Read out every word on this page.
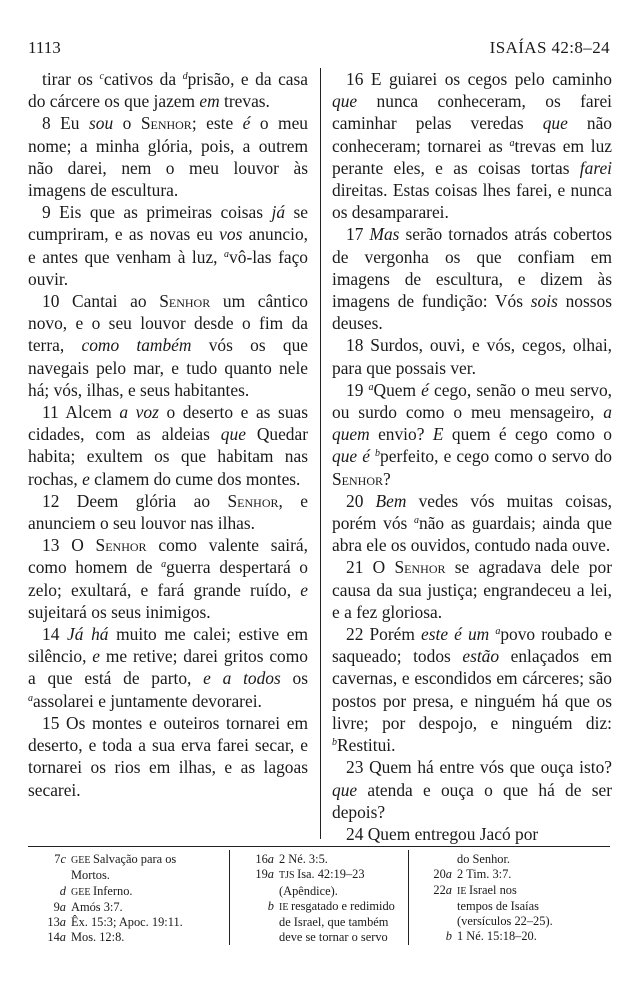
1113	ISAÍAS 42:8–24

tirar os $^c$cativos da $^d$prisão, e da casa do cárcere os que jazem em trevas.

8 Eu sou o Senhor; este é o meu nome; a minha glória, pois, a outrem não darei, nem o meu louvor às imagens de escultura.

9 Eis que as primeiras coisas já se cumpriram, e as novas eu vos anuncio, e antes que venham à luz, $^a$vô-las faço ouvir.

10 Cantai ao Senhor um cântico novo, e o seu louvor desde o fim da terra, como também vós os que navegais pelo mar, e tudo quanto nele há; vós, ilhas, e seus habitantes.

11 Alcem a voz o deserto e as suas cidades, com as aldeias que Quedar habita; exultem os que habitam nas rochas, e clamem do cume dos montes.

12 Deem glória ao Senhor, e anunciem o seu louvor nas ilhas.

13 O Senhor como valente sairá, como homem de $^a$guerra despertará o zelo; exultará, e fará grande ruído, e sujeitará os seus inimigos.

14 Já há muito me calei; estive em silêncio, e me retive; darei gritos como a que está de parto, e a todos os $^a$assolarei e juntamente devorarei.

15 Os montes e outeiros tornarei em deserto, e toda a sua erva farei secar, e tornarei os rios em ilhas, e as lagoas secarei.

16 E guiarei os cegos pelo caminho que nunca conheceram, os farei caminhar pelas veredas que não conheceram; tornarei as $^a$trevas em luz perante eles, e as coisas tortas farei direitas. Estas coisas lhes farei, e nunca os desampararei.

17 Mas serão tornados atrás cobertos de vergonha os que confiam em imagens de escultura, e dizem às imagens de fundição: Vós sois nossos deuses.

18 Surdos, ouvi, e vós, cegos, olhai, para que possais ver.

19 $^a$Quem é cego, senão o meu servo, ou surdo como o meu mensageiro, a quem envio? E quem é cego como o que é $^b$perfeito, e cego como o servo do Senhor?

20 Bem vedes vós muitas coisas, porém vós $^a$não as guardais; ainda que abra ele os ouvidos, contudo nada ouve.

21 O Senhor se agradava dele por causa da sua justiça; engrandeceu a lei, e a fez gloriosa.

22 Porém este é um $^a$povo roubado e saqueado; todos estão enlaçados em cavernas, e escondidos em cárceres; são postos por presa, e ninguém há que os livre; por despojo, e ninguém diz: $^b$Restitui.

23 Quem há entre vós que ouça isto? que atenda e ouça o que há de ser depois?

24 Quem entregou Jacó por

7c GEE Salvação para os
Mortos.
d GEE Inferno.
9a Amós 3:7.
13a Êx. 15:3; Apoc. 19:11.
14a Mos. 12:8.
16a 2 Né. 3:5.
19a TJS Isa. 42:19–23
(Apêndice).
b IE resgatado e redimido
de Israel, que também
deve se tornar o servo
do Senhor.
20a 2 Tim. 3:7.
22a IE Israel nos
tempos de Isaías
(versículos 22–25).
b 1 Né. 15:18–20.
